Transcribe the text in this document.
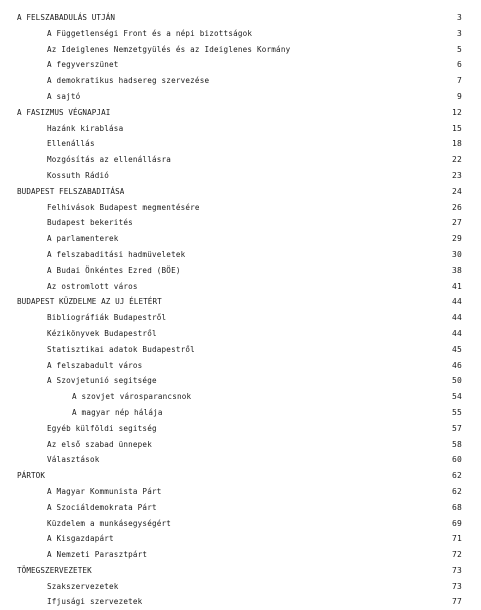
A FELSZABADULÁS UTJÁN	3
A Függetlenségi Front és a népi bizottságok	3
Az Ideiglenes Nemzetgyülés és az Ideiglenes Kormány	5
A fegyverszünet	6
A demokratikus hadsereg szervezése	7
A sajtó	9
A FASIZMUS VÉGNAPJAI	12
Hazánk kirablása	15
Ellenállás	18
Mozgósítás az ellenállásra	22
Kossuth Rádió	23
BUDAPEST FELSZABADITÁSA	24
Felhivások Budapest megmentésére	26
Budapest bekerités	27
A parlamenterek	29
A felszabaditási hadmüveletek	30
A Budai Önkéntes Ezred (BÖE)	38
Az ostromlott város	41
BUDAPEST KÜZDELME AZ UJ ÉLETÉRT	44
Bibliográfiák Budapestről	44
Kézikönyvek Budapestről	44
Statisztikai adatok Budapestről	45
A felszabadult város	46
A Szovjetunió segitsége	50
A szovjet városparancsnok	54
A magyar nép hálája	55
Egyéb külföldi segitség	57
Az első szabad ünnepek	58
Választások	60
PÁRTOK	62
A Magyar Kommunista Párt	62
A Szociáldemokrata Párt	68
Küzdelem a munkásegységért	69
A Kisgazdapárt	71
A Nemzeti Parasztpárt	72
TÖMEGSZERVEZETEK	73
Szakszervezetek	73
Ifjusági szervezetek	77
